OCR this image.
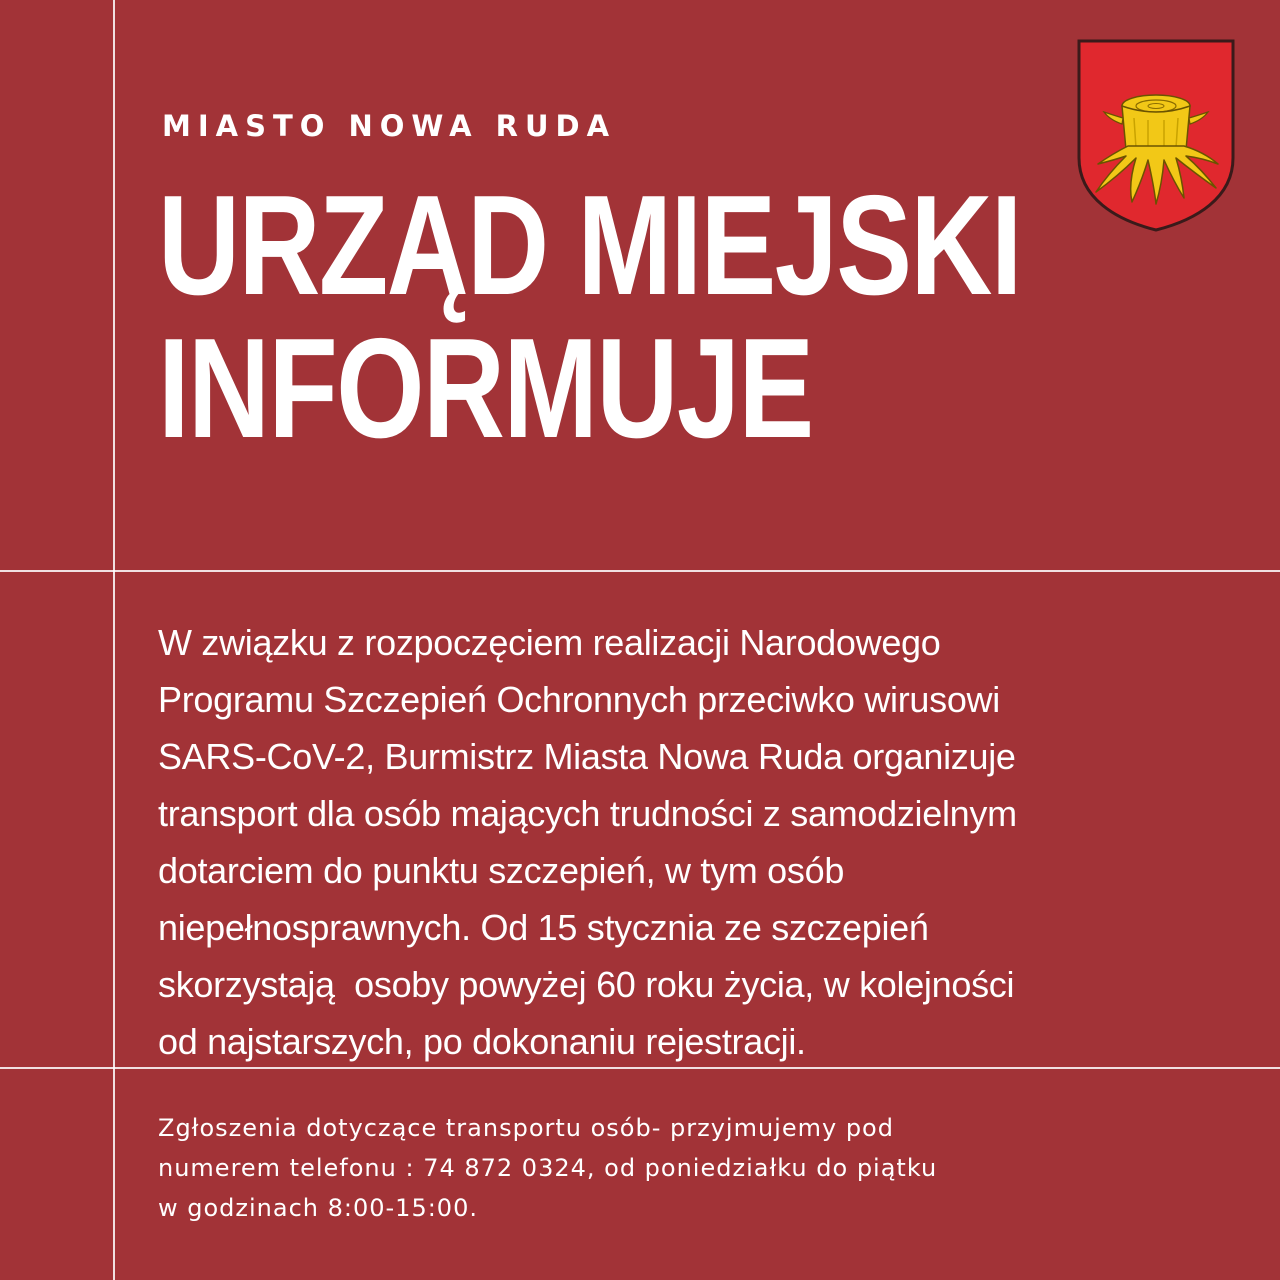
MIASTO NOWA RUDA
URZĄD MIEJSKI
INFORMUJE
W związku z rozpoczęciem realizacji Narodowego
Programu Szczepień Ochronnych przeciwko wirusowi
SARS-CoV-2, Burmistrz Miasta Nowa Ruda organizuje
transport dla osób mających trudności z samodzielnym
dotarciem do punktu szczepień, w tym osób
niepełnosprawnych. Od 15 stycznia ze szczepień
skorzystają  osoby powyżej 60 roku życia, w kolejności
od najstarszych, po dokonaniu rejestracji.
Zgłoszenia dotyczące transportu osób- przyjmujemy pod
numerem telefonu : 74 872 0324, od poniedziałku do piątku
w godzinach 8:00-15:00.
